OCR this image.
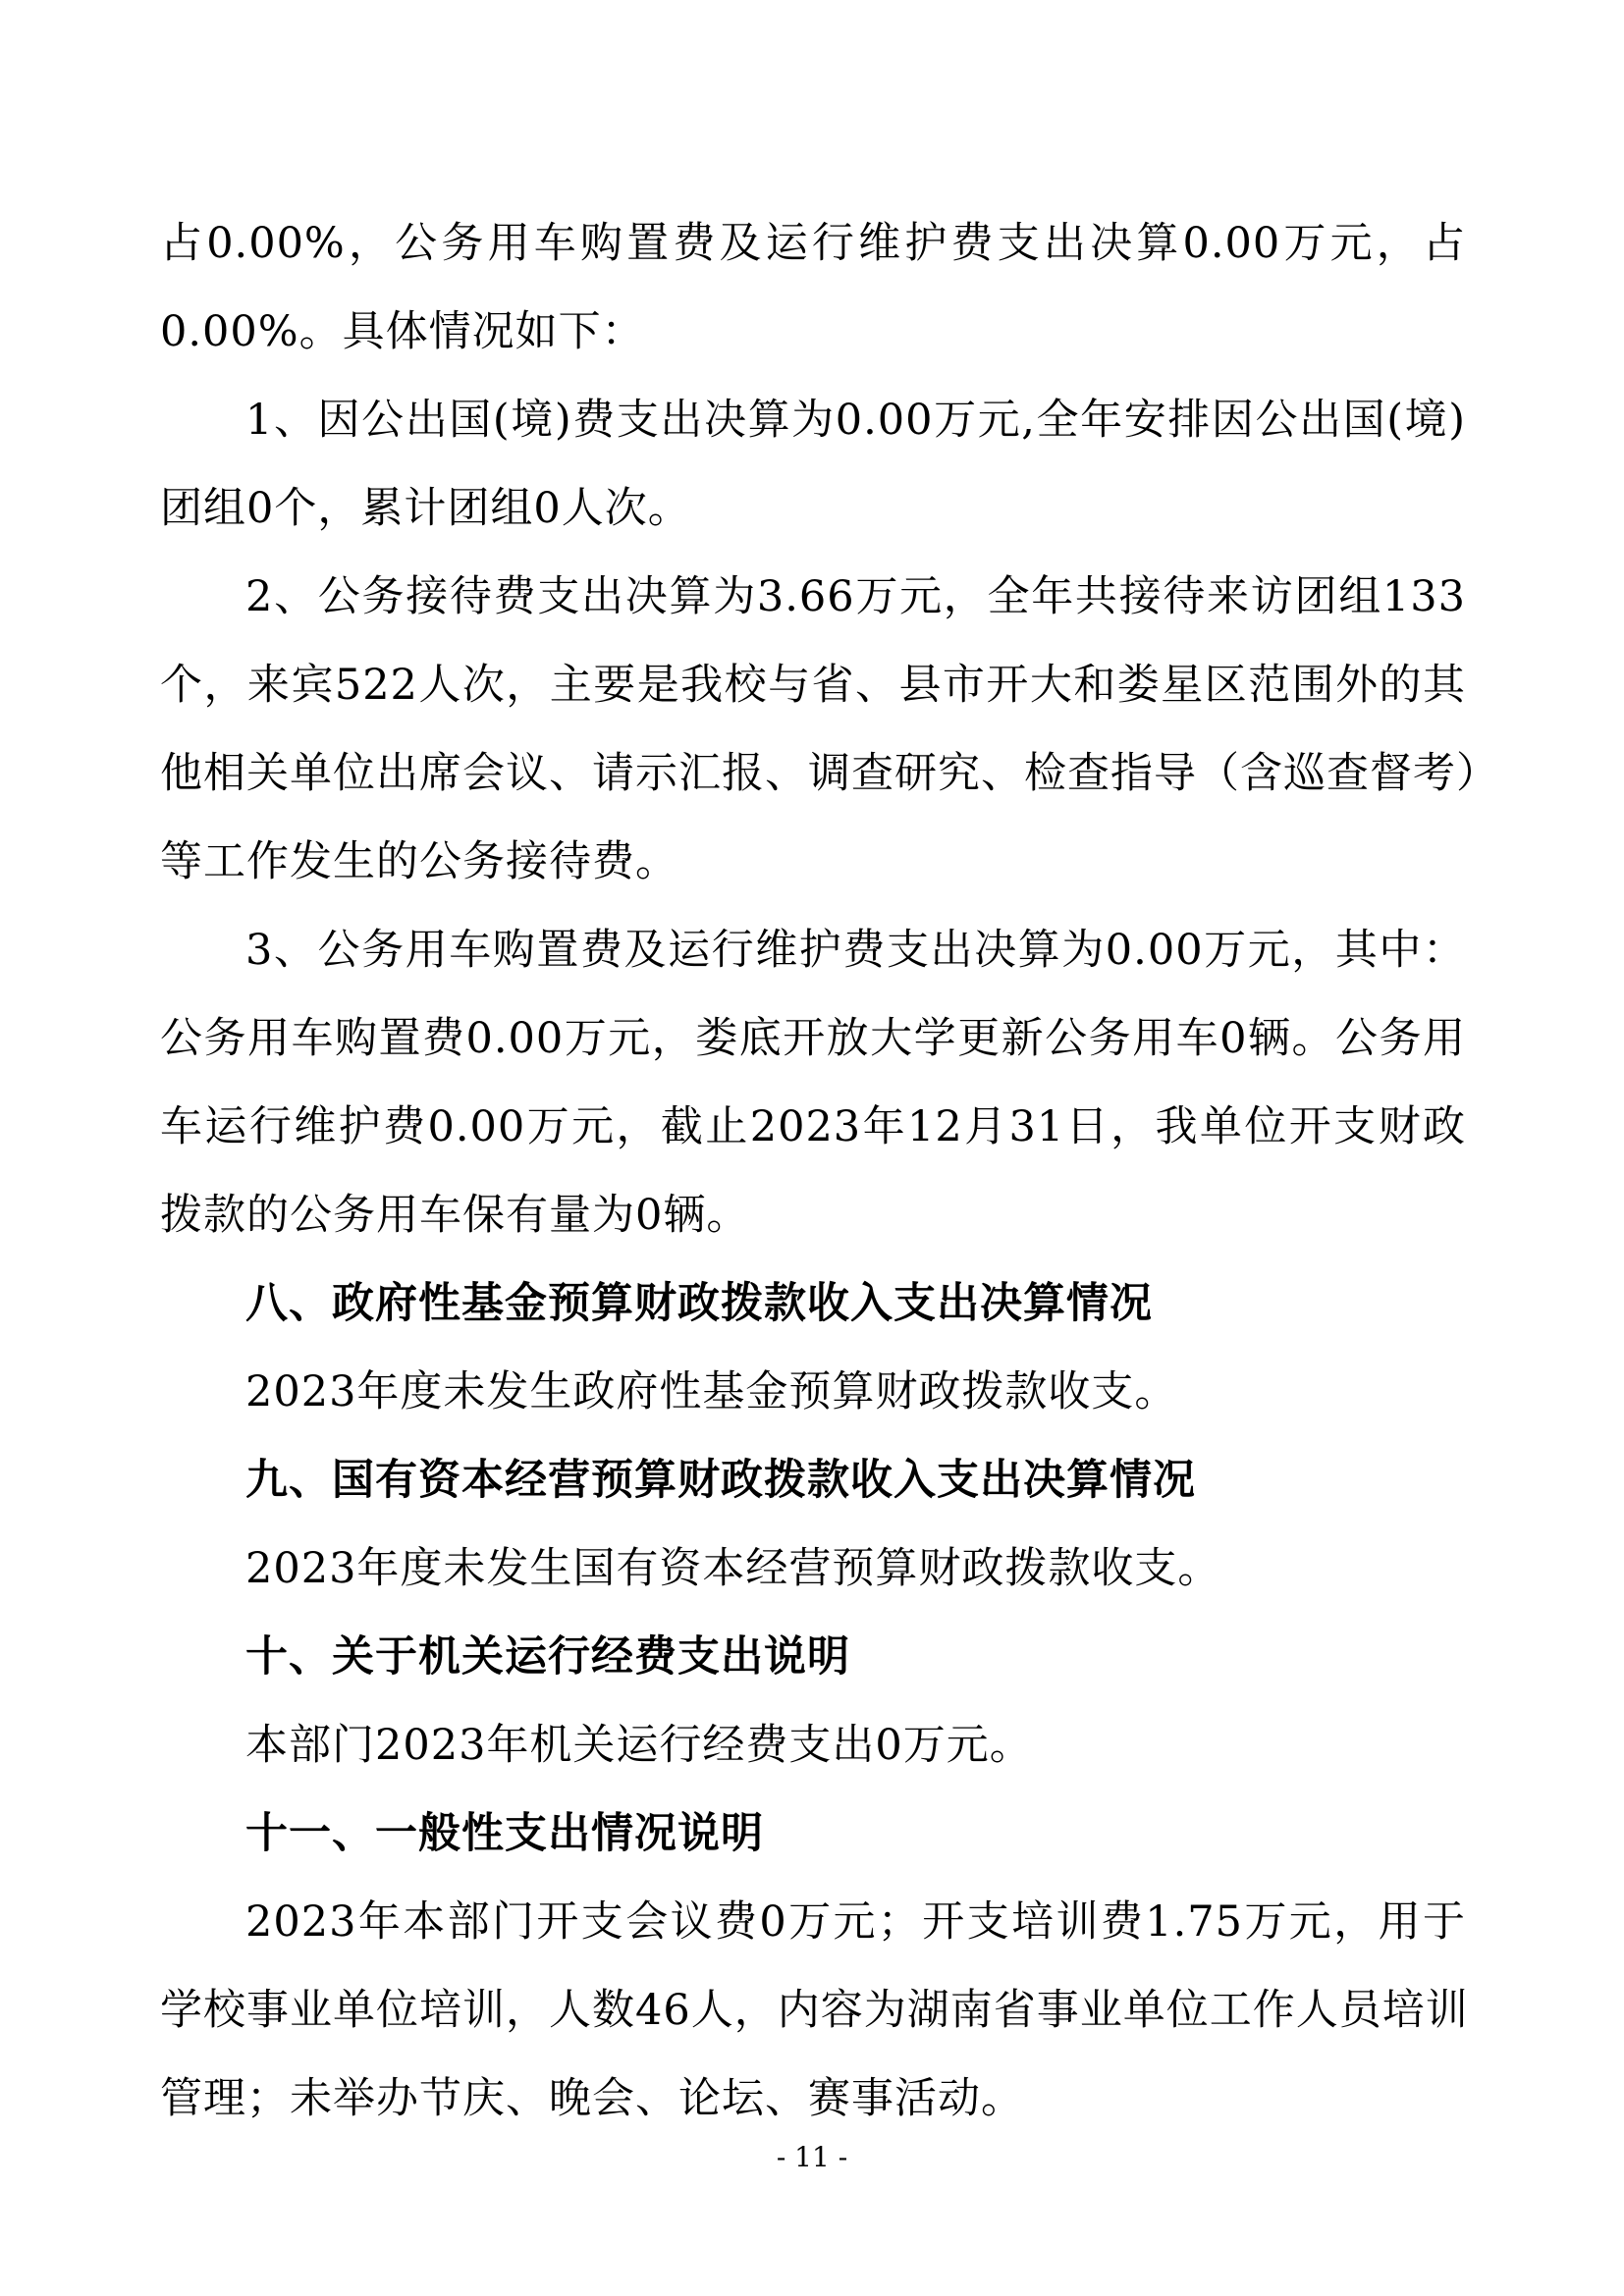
占0.00%，公务用车购置费及运行维护费支出决算0.00万元，占
0.00%。具体情况如下：
1、因公出国(境)费支出决算为0.00万元,全年安排因公出国(境)
团组0个，累计团组0人次。
2、公务接待费支出决算为3.66万元，全年共接待来访团组133
个，来宾522人次，主要是我校与省、县市开大和娄星区范围外的其
他相关单位出席会议、请示汇报、调查研究、检查指导（含巡查督考）
等工作发生的公务接待费。
3、公务用车购置费及运行维护费支出决算为0.00万元，其中：
公务用车购置费0.00万元，娄底开放大学更新公务用车0辆。公务用
车运行维护费0.00万元，截止2023年12月31日，我单位开支财政
拨款的公务用车保有量为0辆。
八、政府性基金预算财政拨款收入支出决算情况
2023年度未发生政府性基金预算财政拨款收支。
九、国有资本经营预算财政拨款收入支出决算情况
2023年度未发生国有资本经营预算财政拨款收支。
十、关于机关运行经费支出说明
本部门2023年机关运行经费支出0万元。
十一、一般性支出情况说明
2023年本部门开支会议费0万元；开支培训费1.75万元，用于
学校事业单位培训，人数46人，内容为湖南省事业单位工作人员培训
管理；未举办节庆、晚会、论坛、赛事活动。
- 11 -
